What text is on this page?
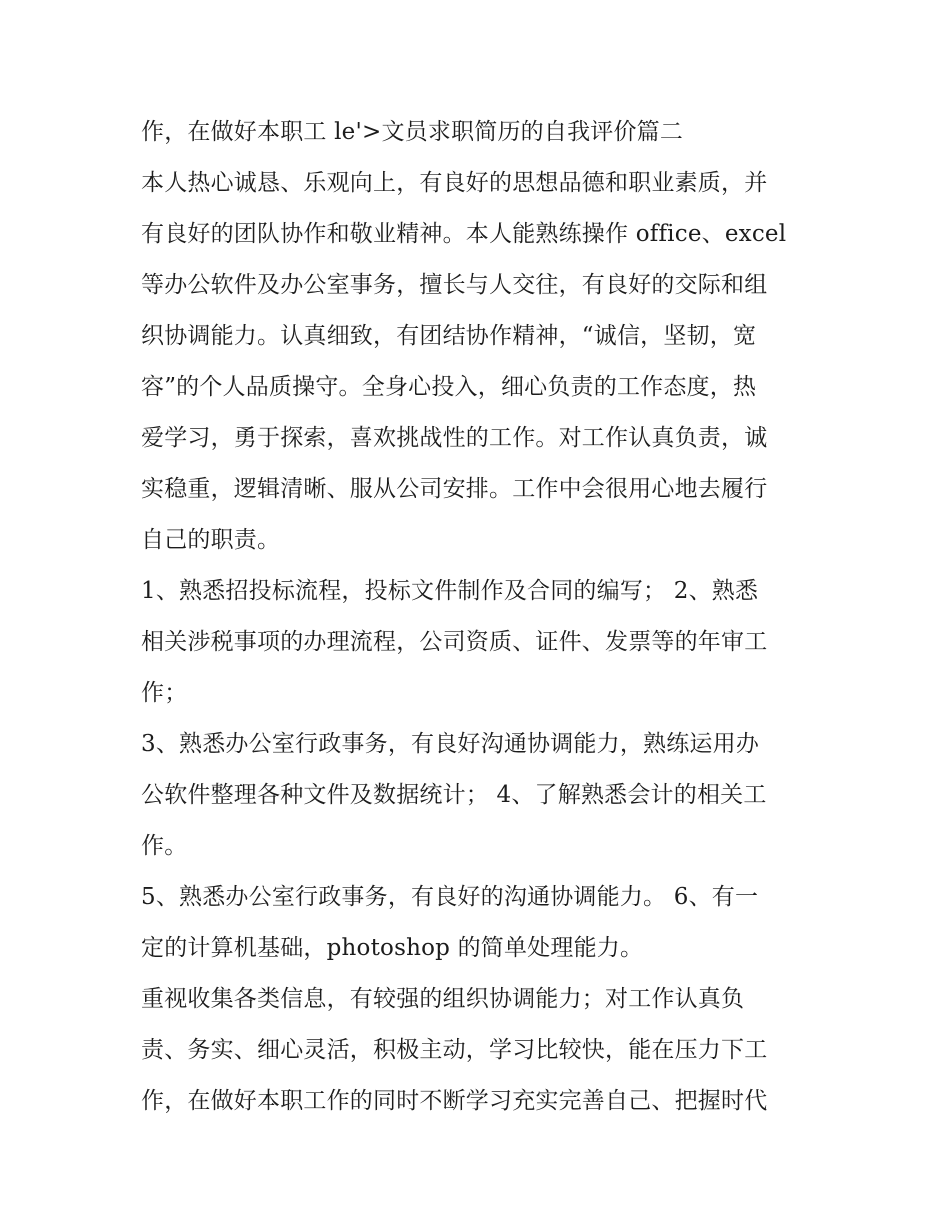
作，在做好本职工 le'>文员求职简历的自我评价篇二
本人热心诚恳、乐观向上，有良好的思想品德和职业素质，并
有良好的团队协作和敬业精神。本人能熟练操作 office、excel
等办公软件及办公室事务，擅长与人交往，有良好的交际和组
织协调能力。认真细致，有团结协作精神，“诚信，坚韧，宽
容”的个人品质操守。全身心投入，细心负责的工作态度，热
爱学习，勇于探索，喜欢挑战性的工作。对工作认真负责，诚
实稳重，逻辑清晰、服从公司安排。工作中会很用心地去履行
自己的职责。
1、熟悉招投标流程，投标文件制作及合同的编写； 2、熟悉
相关涉税事项的办理流程，公司资质、证件、发票等的年审工
作；
3、熟悉办公室行政事务，有良好沟通协调能力，熟练运用办
公软件整理各种文件及数据统计； 4、了解熟悉会计的相关工
作。
5、熟悉办公室行政事务，有良好的沟通协调能力。 6、有一
定的计算机基础，photoshop 的简单处理能力。
重视收集各类信息，有较强的组织协调能力；对工作认真负
责、务实、细心灵活，积极主动，学习比较快，能在压力下工
作，在做好本职工作的同时不断学习充实完善自己、把握时代
